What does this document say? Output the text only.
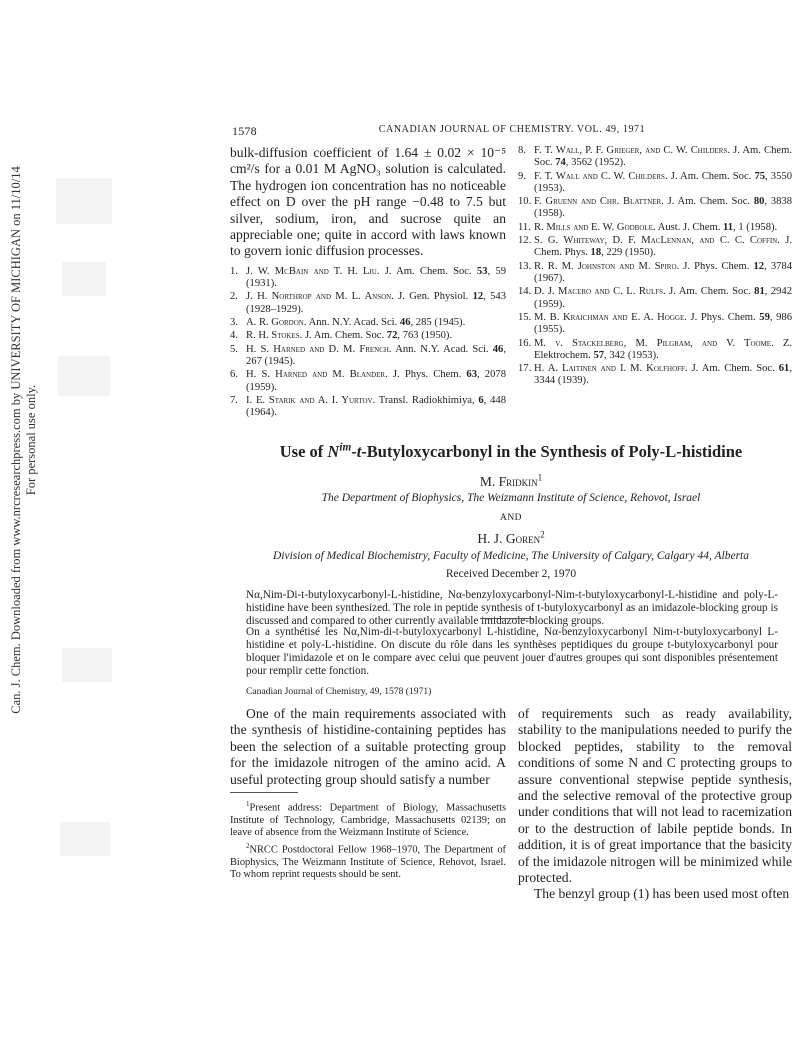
Can. J. Chem. Downloaded from www.nrcresearchpress.com by UNIVERSITY OF MICHIGAN on 11/10/14 For personal use only.
1578	CANADIAN JOURNAL OF CHEMISTRY. VOL. 49, 1971

bulk-diffusion coefficient of 1.64 ± 0.02 × 10⁻⁵ cm²/s for a 0.01 M AgNO₃ solution is calculated. The hydrogen ion concentration has no noticeable effect on D over the pH range −0.48 to 7.5 but silver, sodium, iron, and sucrose quite an appreciable one; quite in accord with laws known to govern ionic diffusion processes.

1. J. W. McBain and T. H. Liu. J. Am. Chem. Soc. 53, 59 (1931).
2. J. H. Northrop and M. L. Anson. J. Gen. Physiol. 12, 543 (1928–1929).
3. A. R. Gordon. Ann. N.Y. Acad. Sci. 46, 285 (1945).
4. R. H. Stokes. J. Am. Chem. Soc. 72, 763 (1950).
5. H. S. Harned and D. M. French. Ann. N.Y. Acad. Sci. 46, 267 (1945).
6. H. S. Harned and M. Blander. J. Phys. Chem. 63, 2078 (1959).
7. I. E. Starik and A. I. Yurtov. Transl. Radiokhimiya, 6, 448 (1964).
8. F. T. Wall, P. F. Grieger, and C. W. Childers. J. Am. Chem. Soc. 74, 3562 (1952).
9. F. T. Wall and C. W. Childers. J. Am. Chem. Soc. 75, 3550 (1953).
10. F. Gruenn and Chr. Blattner. J. Am. Chem. Soc. 80, 3838 (1958).
11. R. Mills and E. W. Godbole. Aust. J. Chem. 11, 1 (1958).
12. S. G. Whiteway, D. F. MacLennan, and C. C. Coffin. J. Chem. Phys. 18, 229 (1950).
13. R. R. M. Johnston and M. Spiro. J. Phys. Chem. 12, 3784 (1967).
14. D. J. Macero and C. L. Rulfs. J. Am. Chem. Soc. 81, 2942 (1959).
15. M. B. Kraichman and E. A. Hogge. J. Phys. Chem. 59, 986 (1955).
16. M. v. Stackelberg, M. Pilgram, and V. Toome. Z. Elektrochem. 57, 342 (1953).
17. H. A. Laitinen and I. M. Kolfhoff. J. Am. Chem. Soc. 61, 3344 (1939).
Use of $N^{im}-t$-Butyloxycarbonyl in the Synthesis of Poly-L-histidine
M. Fridkin$^1$
The Department of Biophysics, The Weizmann Institute of Science, Rehovot, Israel
AND
H. J. Goren$^2$
Division of Medical Biochemistry, Faculty of Medicine, The University of Calgary, Calgary 44, Alberta
Received December 2, 1970

Nα,Nim-Di-t-butyloxycarbonyl-L-histidine, Nα-benzyloxycarbonyl-Nim-t-butyloxycarbonyl-L-histidine and poly-L-histidine have been synthesized. The role in peptide synthesis of t-butyloxycarbonyl as an imidazole-blocking group is discussed and compared to other currently available imidazole-blocking groups.

On a synthétisé les Nα,Nim-di-t-butyloxycarbonyl L-histidine, Nα-benzyloxycarbonyl Nim-t-butyloxycarbonyl L-histidine et poly-L-histidine. On discute du rôle dans les synthèses peptidiques du groupe t-butyloxycarbonyl pour bloquer l'imidazole et on le compare avec celui que peuvent jouer d'autres groupes qui sont disponibles présentement pour remplir cette fonction.

Canadian Journal of Chemistry, 49, 1578 (1971)

One of the main requirements associated with the synthesis of histidine-containing peptides has been the selection of a suitable protecting group for the imidazole nitrogen of the amino acid. A useful protecting group should satisfy a number

$^1$Present address: Department of Biology, Massachusetts Institute of Technology, Cambridge, Massachusetts 02139; on leave of absence from the Weizmann Institute of Science.

$^2$NRCC Postdoctoral Fellow 1968–1970, The Department of Biophysics, The Weizmann Institute of Science, Rehovot, Israel. To whom reprint requests should be sent.

of requirements such as ready availability, stability to the manipulations needed to purify the blocked peptides, stability to the removal conditions of some N and C protecting groups to assure conventional stepwise peptide synthesis, and the selective removal of the protective group under conditions that will not lead to racemization or to the destruction of labile peptide bonds. In addition, it is of great importance that the basicity of the imidazole nitrogen will be minimized while protected.

The benzyl group (1) has been used most often
